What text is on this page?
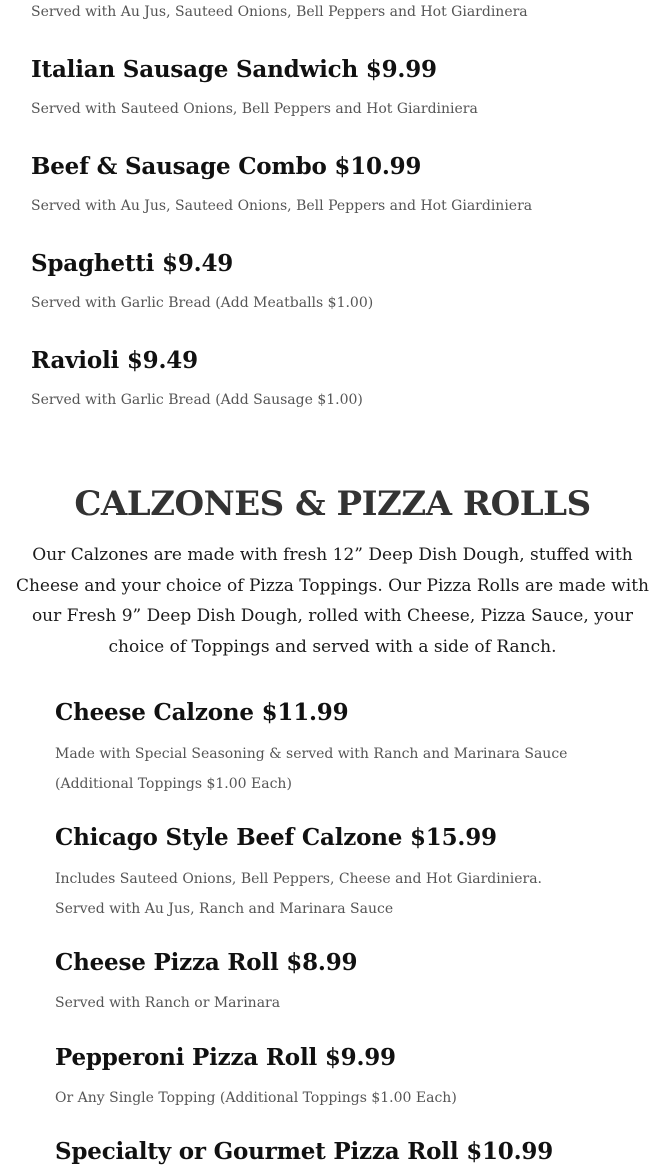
Served with Au Jus, Sauteed Onions, Bell Peppers and Hot Giardinera
Italian Sausage Sandwich $9.99
Served with Sauteed Onions, Bell Peppers and Hot Giardiniera
Beef & Sausage Combo $10.99
Served with Au Jus, Sauteed Onions, Bell Peppers and Hot Giardiniera
Spaghetti $9.49
Served with Garlic Bread (Add Meatballs $1.00)
Ravioli $9.49
Served with Garlic Bread (Add Sausage $1.00)
CALZONES & PIZZA ROLLS
Our Calzones are made with fresh 12” Deep Dish Dough, stuffed with Cheese and your choice of Pizza Toppings. Our Pizza Rolls are made with our Fresh 9” Deep Dish Dough, rolled with Cheese, Pizza Sauce, your choice of Toppings and served with a side of Ranch.
Cheese Calzone $11.99
Made with Special Seasoning & served with Ranch and Marinara Sauce (Additional Toppings $1.00 Each)
Chicago Style Beef Calzone $15.99
Includes Sauteed Onions, Bell Peppers, Cheese and Hot Giardiniera. Served with Au Jus, Ranch and Marinara Sauce
Cheese Pizza Roll $8.99
Served with Ranch or Marinara
Pepperoni Pizza Roll $9.99
Or Any Single Topping (Additional Toppings $1.00 Each)
Specialty or Gourmet Pizza Roll $10.99
